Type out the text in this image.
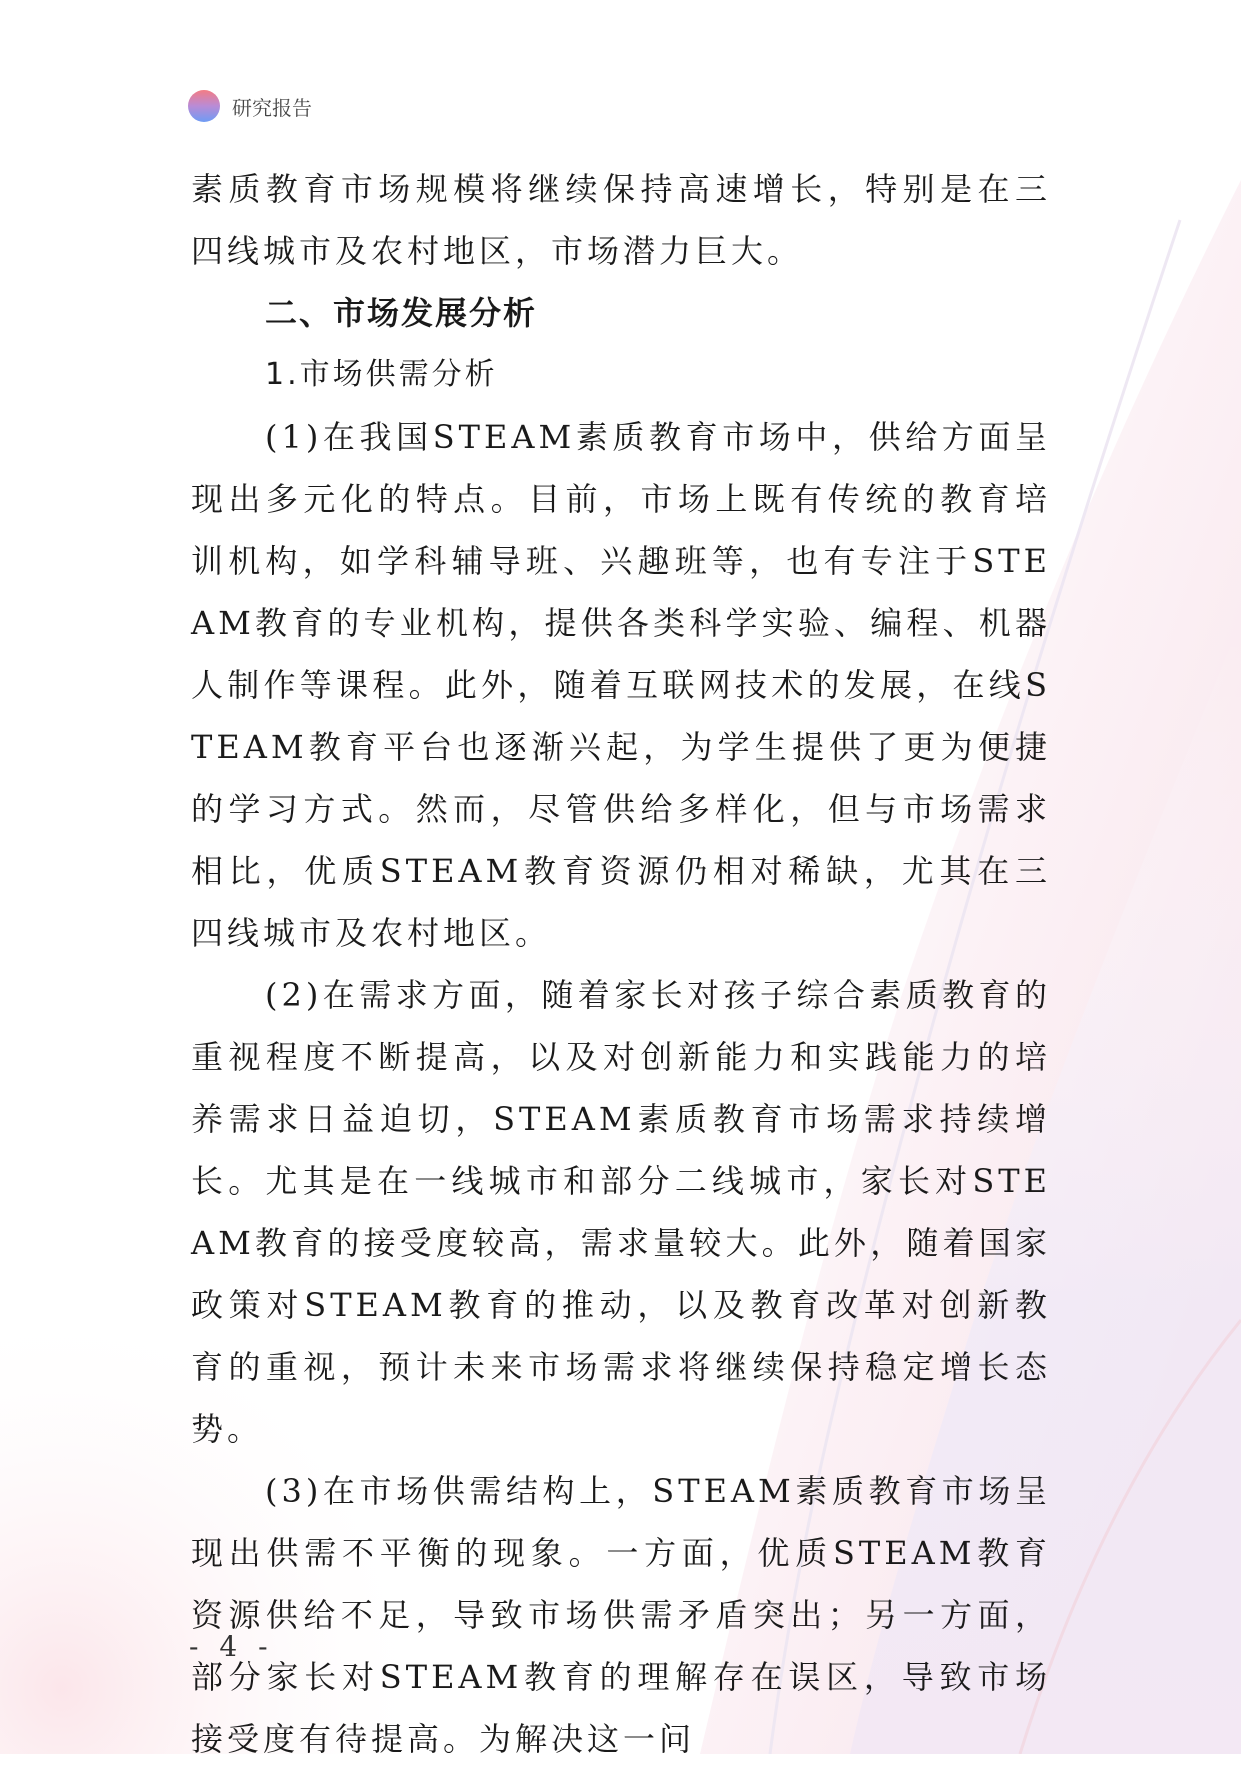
研究报告

素质教育市场规模将继续保持高速增长，特别是在三四线城市及农村地区，市场潜力巨大。

二、市场发展分析
1.市场供需分析

(1)在我国STEAM素质教育市场中，供给方面呈现出多元化的特点。目前，市场上既有传统的教育培训机构，如学科辅导班、兴趣班等，也有专注于STEAM教育的专业机构，提供各类科学实验、编程、机器人制作等课程。此外，随着互联网技术的发展，在线STEAM教育平台也逐渐兴起，为学生提供了更为便捷的学习方式。然而，尽管供给多样化，但与市场需求相比，优质STEAM教育资源仍相对稀缺，尤其在三四线城市及农村地区。

(2)在需求方面，随着家长对孩子综合素质教育的重视程度不断提高，以及对创新能力和实践能力的培养需求日益迫切，STEAM素质教育市场需求持续增长。尤其是在一线城市和部分二线城市，家长对STEAM教育的接受度较高，需求量较大。此外，随着国家政策对STEAM教育的推动，以及教育改革对创新教育的重视，预计未来市场需求将继续保持稳定增长态势。

(3)在市场供需结构上，STEAM素质教育市场呈现出供需不平衡的现象。一方面，优质STEAM教育资源供给不足，导致市场供需矛盾突出；另一方面，部分家长对STEAM教育的理解存在误区，导致市场接受度有待提高。为解决这一问

- 4 -
